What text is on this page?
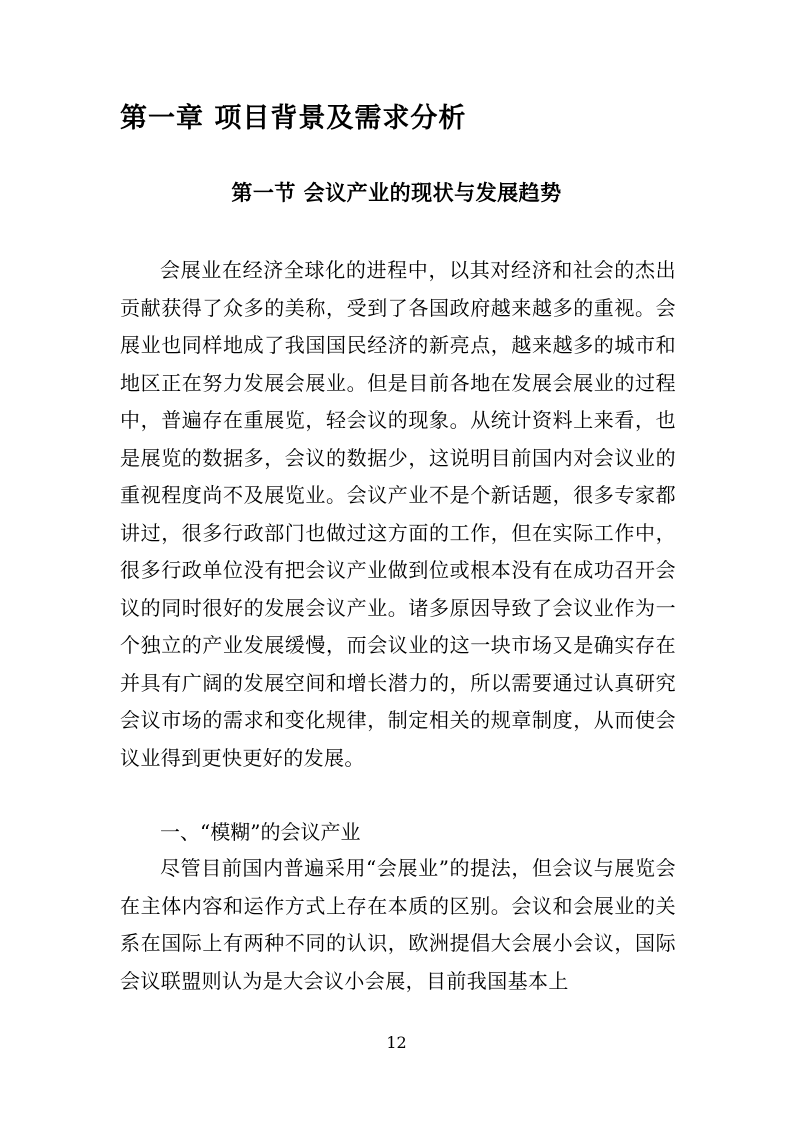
第一章 项目背景及需求分析
第一节 会议产业的现状与发展趋势

会展业在经济全球化的进程中，以其对经济和社会的杰出贡献获得了众多的美称，受到了各国政府越来越多的重视。会展业也同样地成了我国国民经济的新亮点，越来越多的城市和地区正在努力发展会展业。但是目前各地在发展会展业的过程中，普遍存在重展览，轻会议的现象。从统计资料上来看，也是展览的数据多，会议的数据少，这说明目前国内对会议业的重视程度尚不及展览业。会议产业不是个新话题，很多专家都讲过，很多行政部门也做过这方面的工作，但在实际工作中，很多行政单位没有把会议产业做到位或根本没有在成功召开会议的同时很好的发展会议产业。诸多原因导致了会议业作为一个独立的产业发展缓慢，而会议业的这一块市场又是确实存在并具有广阔的发展空间和增长潜力的，所以需要通过认真研究会议市场的需求和变化规律，制定相关的规章制度，从而使会议业得到更快更好的发展。

一、“模糊”的会议产业

尽管目前国内普遍采用“会展业”的提法，但会议与展览会在主体内容和运作方式上存在本质的区别。会议和会展业的关系在国际上有两种不同的认识，欧洲提倡大会展小会议，国际会议联盟则认为是大会议小会展，目前我国基本上

12
